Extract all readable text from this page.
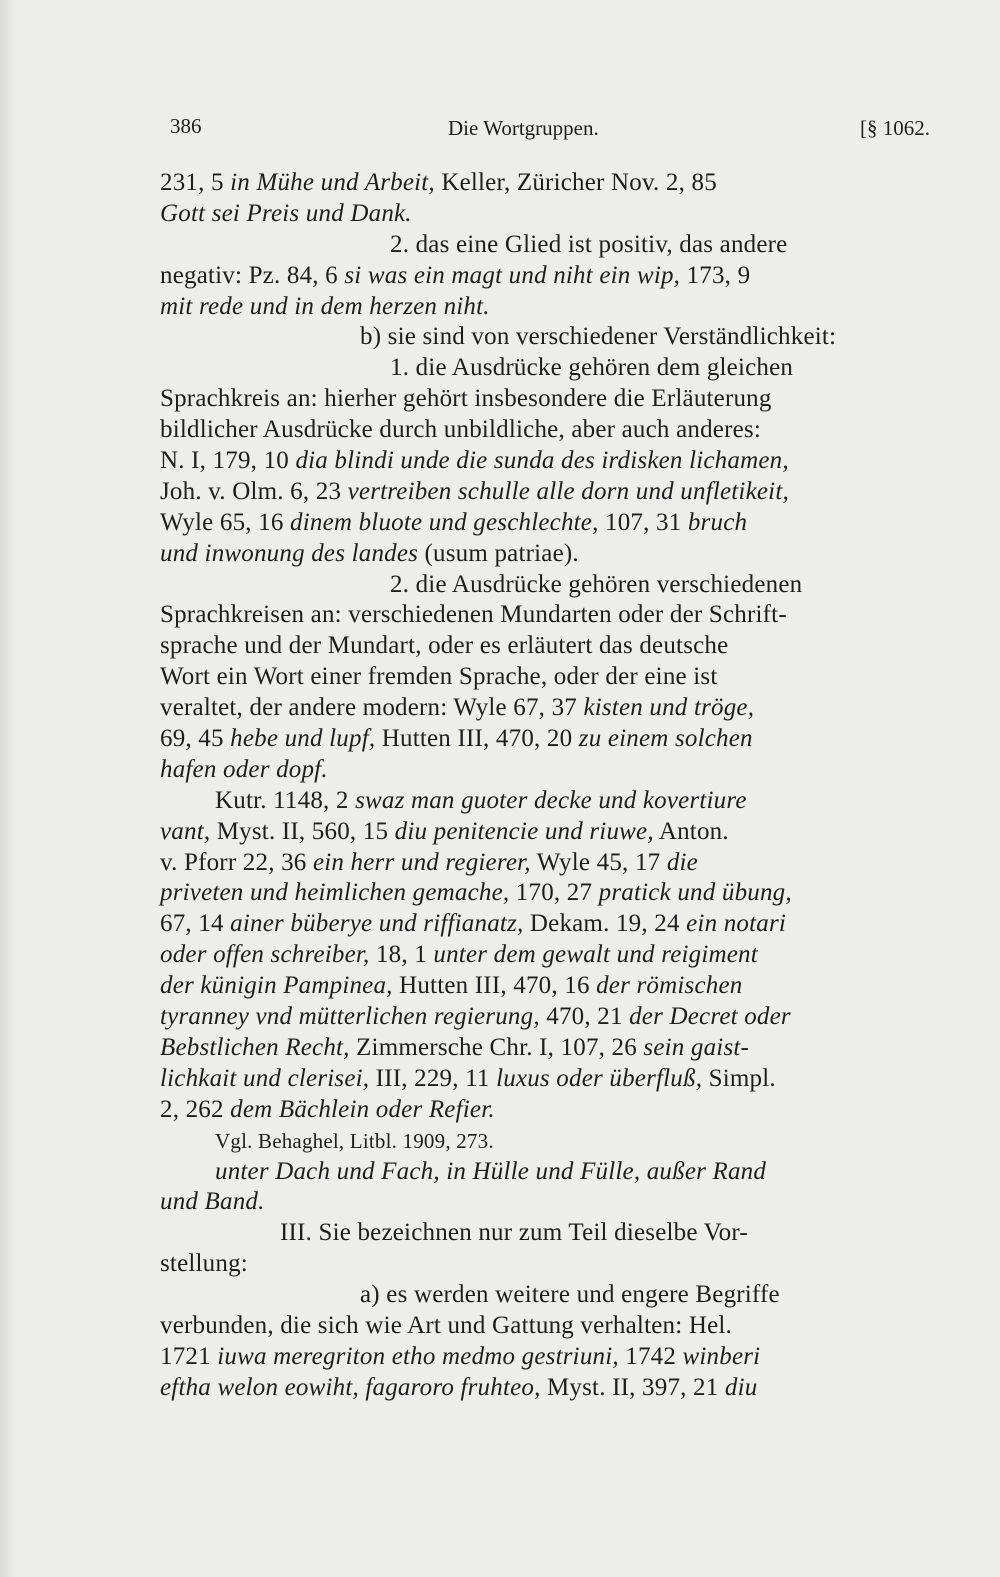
386	Die Wortgruppen.	[§ 1062.
231, 5 in Mühe und Arbeit, Keller, Züricher Nov. 2, 85
Gott sei Preis und Dank.
2. das eine Glied ist positiv, das andere
negativ: Pz. 84, 6 si was ein magt und niht ein wip, 173, 9
mit rede und in dem herzen niht.
b) sie sind von verschiedener Verständlichkeit:
1. die Ausdrücke gehören dem gleichen
Sprachkreis an: hierher gehört insbesondere die Erläuterung
bildlicher Ausdrücke durch unbildliche, aber auch anderes:
N. I, 179, 10 dia blindi unde die sunda des irdisken lichamen,
Joh. v. Olm. 6, 23 vertreiben schulle alle dorn und unfletikeit,
Wyle 65, 16 dinem bluote und geschlechte, 107, 31 bruch
und inwonung des landes (usum patriae).
2. die Ausdrücke gehören verschiedenen
Sprachkreisen an: verschiedenen Mundarten oder der Schrift-
sprache und der Mundart, oder es erläutert das deutsche
Wort ein Wort einer fremden Sprache, oder der eine ist
veraltet, der andere modern: Wyle 67, 37 kisten und tröge,
69, 45 hebe und lupf, Hutten III, 470, 20 zu einem solchen
hafen oder dopf.
Kutr. 1148, 2 swaz man guoter decke und kovertiure
vant, Myst. II, 560, 15 diu penitencie und riuwe, Anton.
v. Pforr 22, 36 ein herr und regierer, Wyle 45, 17 die
priveten und heimlichen gemache, 170, 27 pratick und übung,
67, 14 ainer büberye und riffianatz, Dekam. 19, 24 ein notari
oder offen schreiber, 18, 1 unter dem gewalt und reigiment
der künigin Pampinea, Hutten III, 470, 16 der römischen
tyranney vnd mütterlichen regierung, 470, 21 der Decret oder
Bebstlichen Recht, Zimmersche Chr. I, 107, 26 sein gaist-
lichkait und clerisei, III, 229, 11 luxus oder überfluß, Simpl.
2, 262 dem Bächlein oder Refier.
Vgl. Behaghel, Litbl. 1909, 273.
unter Dach und Fach, in Hülle und Fülle, außer Rand
und Band.
III. Sie bezeichnen nur zum Teil dieselbe Vor-
stellung:
a) es werden weitere und engere Begriffe
verbunden, die sich wie Art und Gattung verhalten: Hel.
1721 iuwa meregriton etho medmo gestriuni, 1742 winberi
eftha welon eowiht, fagaroro fruhteo, Myst. II, 397, 21 diu
